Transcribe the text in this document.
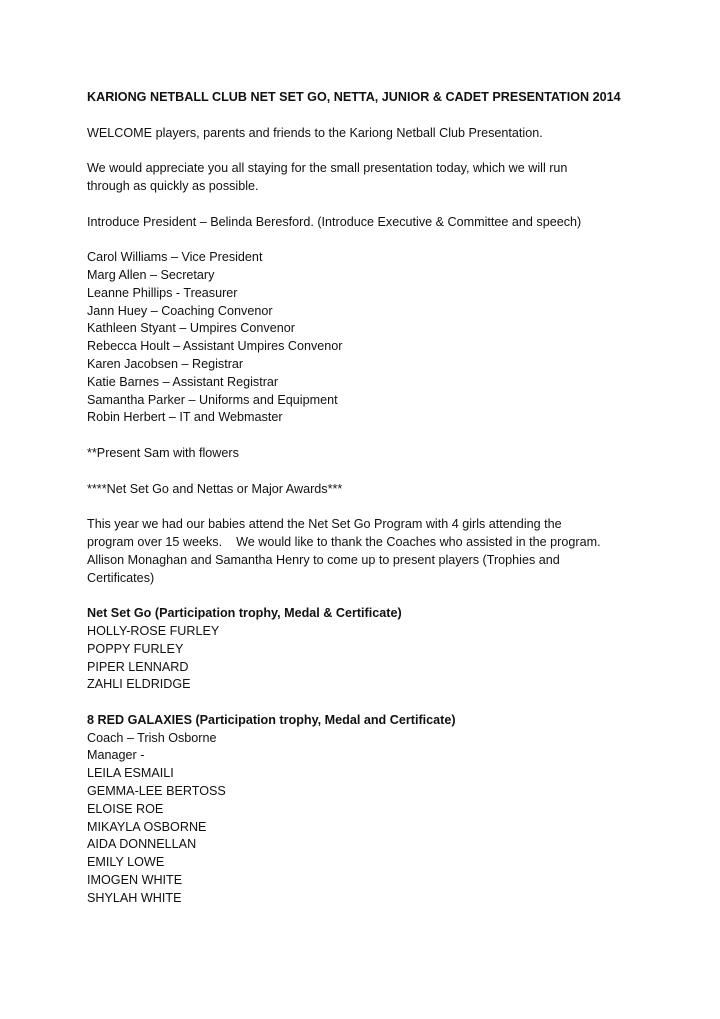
KARIONG NETBALL CLUB NET SET GO, NETTA, JUNIOR & CADET PRESENTATION 2014
WELCOME players, parents and friends to the Kariong Netball Club Presentation.
We would appreciate you all staying for the small presentation today, which we will run
through as quickly as possible.
Introduce President – Belinda Beresford. (Introduce Executive & Committee and speech)
Carol Williams – Vice President
Marg Allen – Secretary
Leanne Phillips - Treasurer
Jann Huey – Coaching Convenor
Kathleen Styant – Umpires Convenor
Rebecca Hoult – Assistant Umpires Convenor
Karen Jacobsen – Registrar
Katie Barnes – Assistant Registrar
Samantha Parker – Uniforms and Equipment
Robin Herbert – IT and Webmaster
**Present Sam with flowers
****Net Set Go and Nettas or Major Awards***
This year we had our babies attend the Net Set Go Program with 4 girls attending the
program over 15 weeks.    We would like to thank the Coaches who assisted in the program.
Allison Monaghan and Samantha Henry to come up to present players (Trophies and
Certificates)
Net Set Go (Participation trophy, Medal & Certificate)
HOLLY-ROSE FURLEY
POPPY FURLEY
PIPER LENNARD
ZAHLI ELDRIDGE
8 RED GALAXIES (Participation trophy, Medal and Certificate)
Coach – Trish Osborne
Manager -
LEILA ESMAILI
GEMMA-LEE BERTOSS
ELOISE ROE
MIKAYLA OSBORNE
AIDA DONNELLAN
EMILY LOWE
IMOGEN WHITE
SHYLAH WHITE
